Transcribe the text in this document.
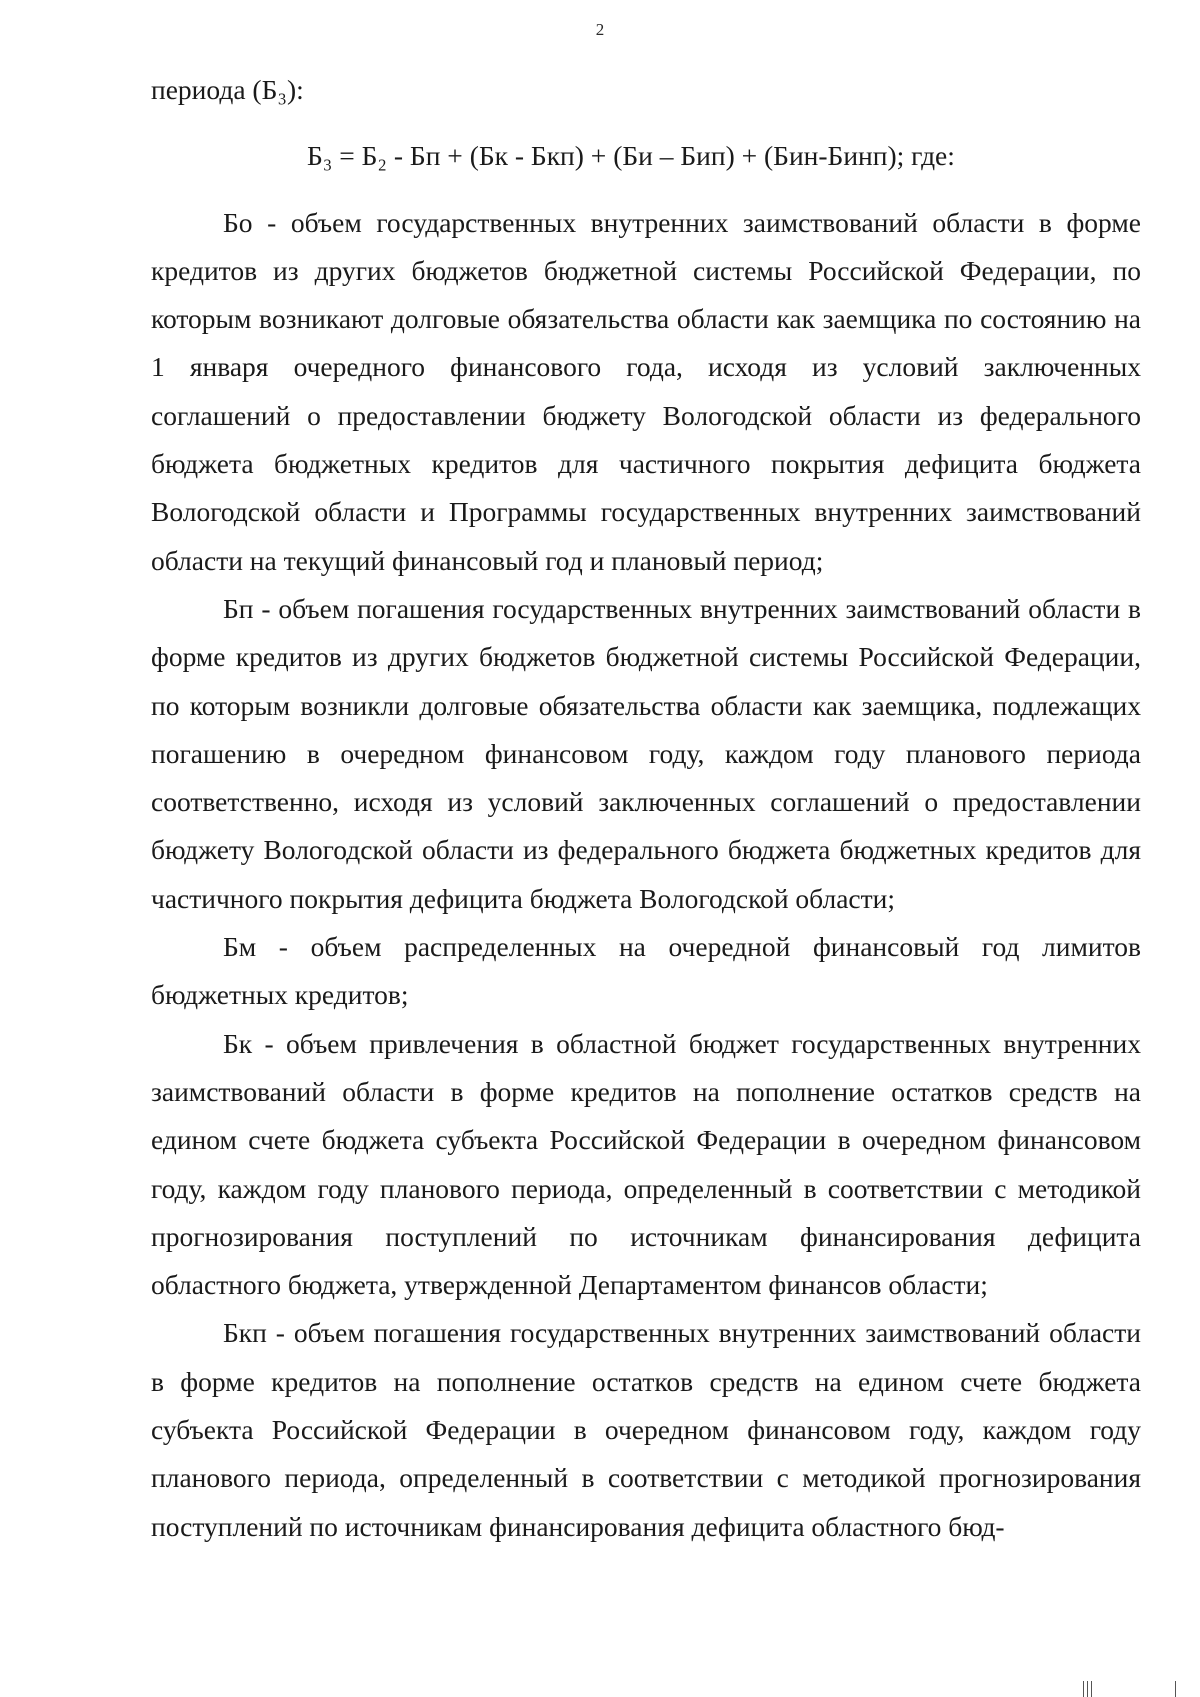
2

периода (Б₃):

Б₃ = Б₂ - Бп + (Бк - Бкп) + (Би – Бип) + (Бин-Бинп); где:

Бо - объем государственных внутренних заимствований области в форме кредитов из других бюджетов бюджетной системы Российской Федерации, по которым возникают долговые обязательства области как заемщика по состоянию на 1 января очередного финансового года, исходя из условий заключенных соглашений о предоставлении бюджету Вологодской области из федерального бюджета бюджетных кредитов для частичного покрытия дефицита бюджета Вологодской области и Программы государственных внутренних заимствований области на текущий финансовый год и плановый период;

Бп - объем погашения государственных внутренних заимствований области в форме кредитов из других бюджетов бюджетной системы Российской Федерации, по которым возникли долговые обязательства области как заемщика, подлежащих погашению в очередном финансовом году, каждом году планового периода соответственно, исходя из условий заключенных соглашений о предоставлении бюджету Вологодской области из федерального бюджета бюджетных кредитов для частичного покрытия дефицита бюджета Вологодской области;

Бм - объем распределенных на очередной финансовый год лимитов бюджетных кредитов;

Бк - объем привлечения в областной бюджет государственных внутренних заимствований области в форме кредитов на пополнение остатков средств на едином счете бюджета субъекта Российской Федерации в очередном финансовом году, каждом году планового периода, определенный в соответствии с методикой прогнозирования поступлений по источникам финансирования дефицита областного бюджета, утвержденной Департаментом финансов области;

Бкп - объем погашения государственных внутренних заимствований области в форме кредитов на пополнение остатков средств на едином счете бюджета субъекта Российской Федерации в очередном финансовом году, каждом году планового периода, определенный в соответствии с методикой прогнозирования поступлений по источникам финансирования дефицита областного бюд-
